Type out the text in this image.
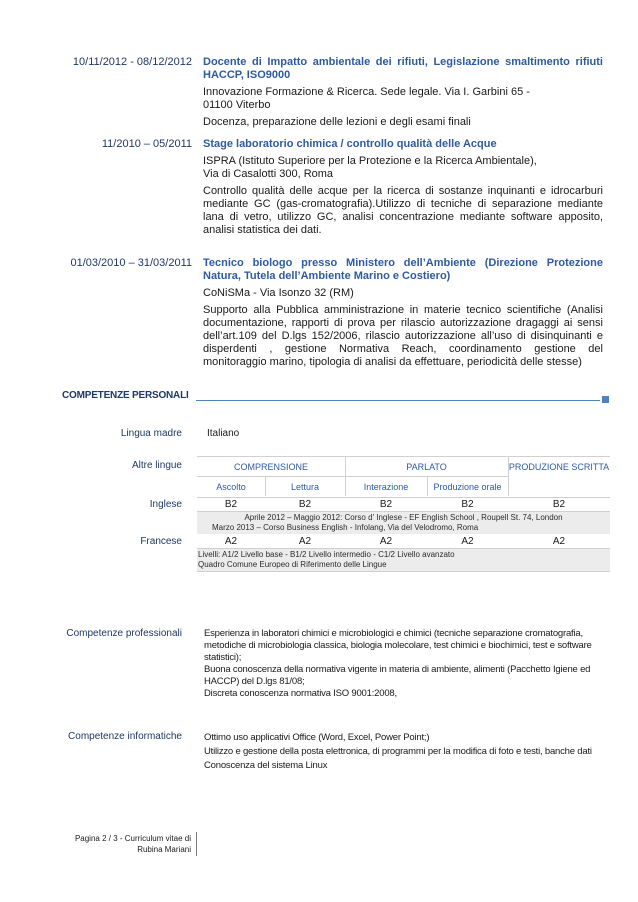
10/11/2012 - 08/12/2012 Docente di Impatto ambientale dei rifiuti, Legislazione smaltimento rifiuti HACCP, ISO9000
Innovazione Formazione & Ricerca. Sede legale. Via I. Garbini 65 -
01100 Viterbo
Docenza, preparazione delle lezioni e degli esami finali
11/2010 – 05/2011 Stage laboratorio chimica / controllo qualità delle Acque
ISPRA (Istituto Superiore per la Protezione e la Ricerca Ambientale),
Via di Casalotti 300, Roma
Controllo qualità delle acque per la ricerca di sostanze inquinanti e idrocarburi mediante GC (gas-cromatografia).Utilizzo di tecniche di separazione mediante lana di vetro, utilizzo GC, analisi concentrazione mediante software apposito, analisi statistica dei dati.
01/03/2010 – 31/03/2011 Tecnico biologo presso Ministero dell’Ambiente (Direzione Protezione Natura, Tutela dell’Ambiente Marino e Costiero)
CoNiSMa - Via Isonzo 32 (RM)
Supporto alla Pubblica amministrazione in materie tecnico scientifiche (Analisi documentazione, rapporti di prova per rilascio autorizzazione dragaggi ai sensi dell’art.109 del D.lgs 152/2006, rilascio autorizzazione all’uso di disinquinanti e disperdenti , gestione Normativa Reach, coordinamento gestione del monitoraggio marino, tipologia di analisi da effettuare, periodicità delle stesse)
COMPETENZE PERSONALI
Lingua madre	Italiano
Altre lingue	COMPRENSIONE	PARLATO	PRODUZIONE SCRITTA
Ascolto	Lettura	Interazione	Produzione orale
Inglese	B2	B2	B2	B2	B2
Aprile 2012 – Maggio 2012: Corso d’ Inglese - EF English School , Roupell St. 74, London
Marzo 2013 – Corso Business English - Infolang, Via del Velodromo, Roma
Francese	A2	A2	A2	A2	A2
Livelli: A1/2 Livello base - B1/2 Livello intermedio - C1/2 Livello avanzato
Quadro Comune Europeo di Riferimento delle Lingue
Competenze professionali Esperienza in laboratori chimici e microbiologici e chimici (tecniche separazione cromatografia,
metodiche di microbiologia classica, biologia molecolare, test chimici e biochimici, test e software
statistici);
Buona conoscenza della normativa vigente in materia di ambiente, alimenti (Pacchetto Igiene ed
HACCP) del D.lgs 81/08;
Discreta conoscenza normativa ISO 9001:2008,
Competenze informatiche Ottimo uso applicativi Office (Word, Excel, Power Point;)
Utilizzo e gestione della posta elettronica, di programmi per la modifica di foto e testi, banche dati
Conoscenza del sistema Linux
Pagina 2 / 3 - Curriculum vitae di
Rubina Mariani
